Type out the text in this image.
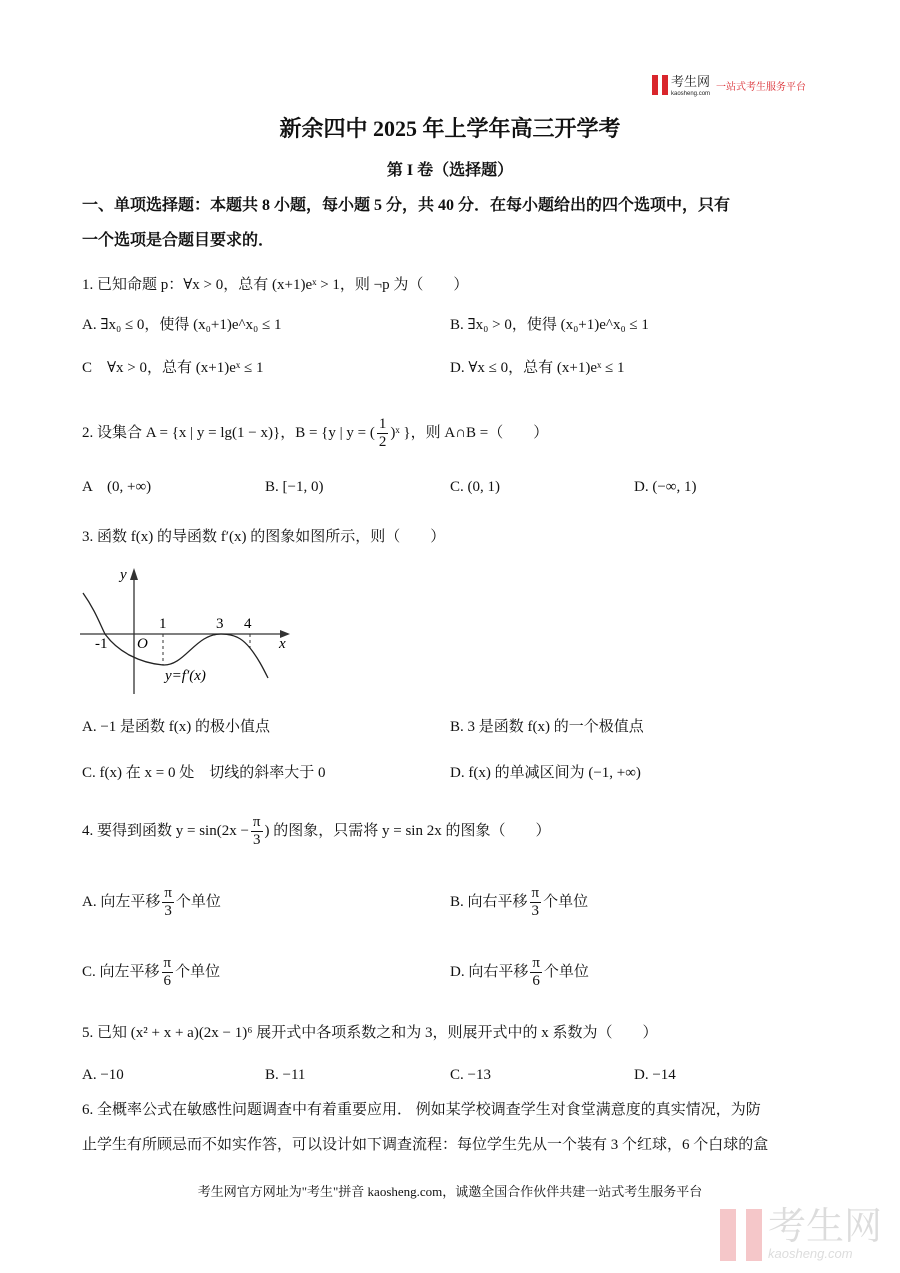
考生网
kaosheng.com
一站式考生服务平台
新余四中 2025 年上学年高三开学考
第 I 卷（选择题）
一、单项选择题：本题共 8 小题，每小题 5 分，共 40 分．在每小题给出的四个选项中，只有
一个选项是合题目要求的．
1. 已知命题 p：∀x > 0，总有 (x+1)eˣ > 1，则 ¬p 为（　　）
A. ∃x₀ ≤ 0，使得 (x₀+1)e^x₀ ≤ 1	B. ∃x₀ > 0，使得 (x₀+1)e^x₀ ≤ 1
C　∀x > 0，总有 (x+1)eˣ ≤ 1	D. ∀x ≤ 0，总有 (x+1)eˣ ≤ 1
2. 设集合 A = {x | y = lg(1 − x)}，B = {y | y = ( $\frac{1}{2}$ )ˣ }，则 A∩B =（　　）
A　(0, +∞)	B. [−1, 0)	C. (0, 1)	D. (−∞, 1)
3. 函数 f(x) 的导函数 f′(x) 的图象如图所示，则（　　）
y
x
O
-1
1	3 4
y=f′(x)
A. −1 是函数 f(x) 的极小值点	B. 3 是函数 f(x) 的一个极值点
C. f(x) 在 x = 0 处　切线的斜率大于 0	D. f(x) 的单减区间为 (−1, +∞)
4. 要得到函数 $y = \sin(2x - \frac{\pi}{3}$ ) 的图象，只需将 y = sin 2x 的图象（　　）
A. 向左平移 $\frac{\pi}{3}$ 个单位	B. 向右平移 $\frac{\pi}{3}$ 个单位
C. 向左平移 $\frac{\pi}{6}$ 个单位	D. 向右平移 $\frac{\pi}{6}$ 个单位
5. 已知 (x² + x + a)(2x − 1)⁶ 展开式中各项系数之和为 3，则展开式中的 x 系数为（　　）
A. −10	B. −11	C. −13	D. −14
6. 全概率公式在敏感性问题调查中有着重要应用． 例如某学校调查学生对食堂满意度的真实情况，为防
止学生有所顾忌而不如实作答，可以设计如下调查流程：每位学生先从一个装有 3 个红球，6 个白球的盒
考生网官方网址为"考生"拼音 kaosheng.com，诚邀全国合作伙伴共建一站式考生服务平台
考生网
kaosheng.com
